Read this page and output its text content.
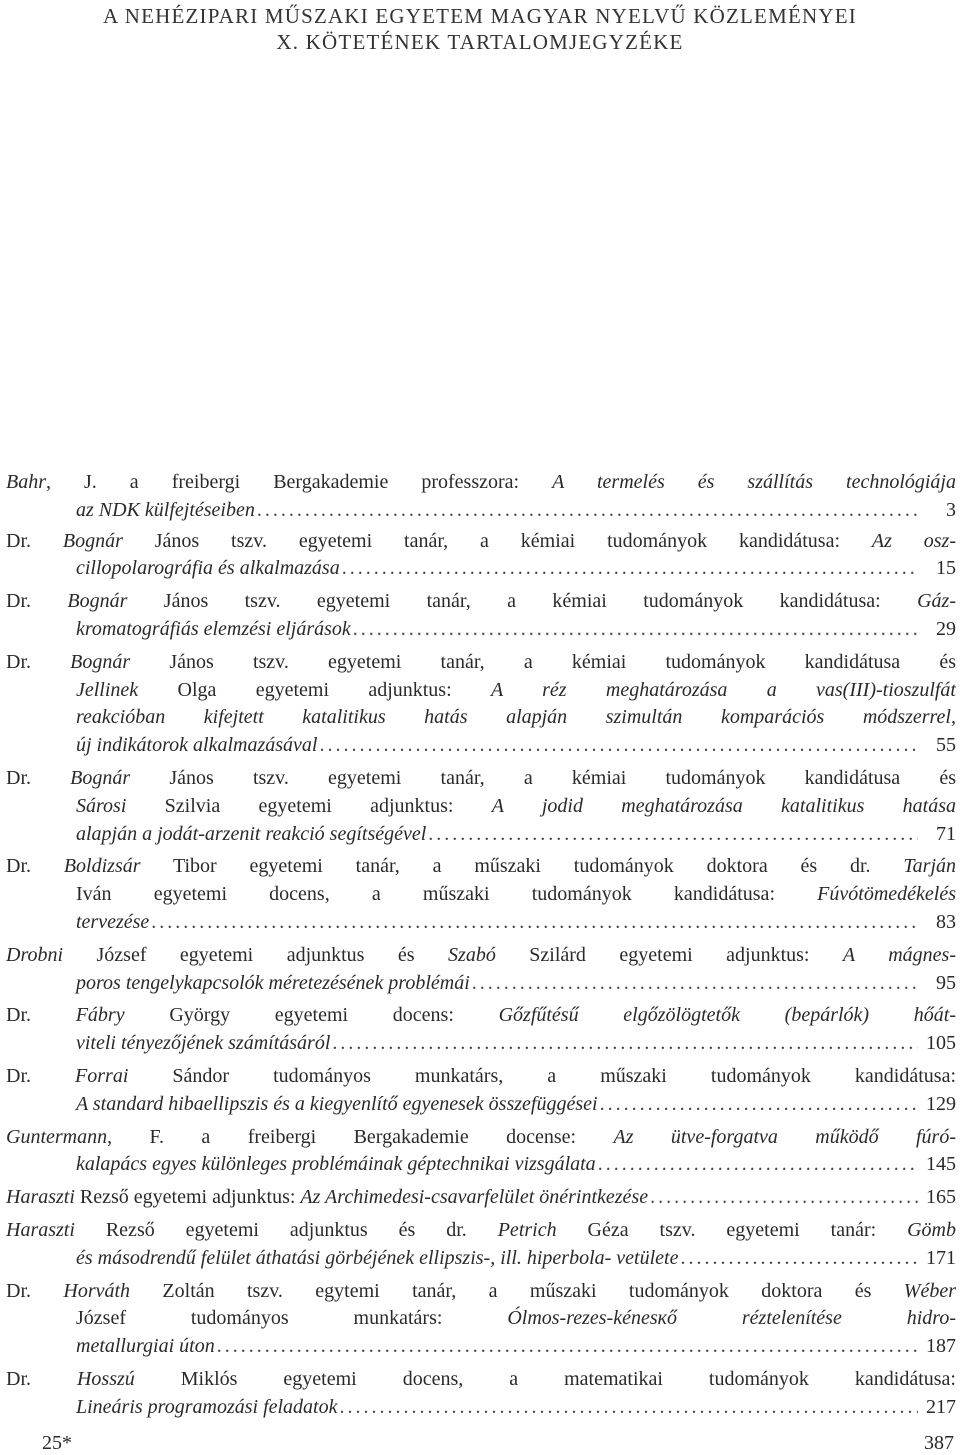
A NEHÉZIPARI MŰSZAKI EGYETEM MAGYAR NYELVŰ KÖZLEMÉNYEI
X. KÖTETÉNEK TARTALOMJEGYZÉKE
Bahr, J. a freibergi Bergakademie professzora: A termelés és szállítás technológiája
az NDK külfejtéseiben . . .	3
Dr. Bognár János tszv. egyetemi tanár, a kémiai tudományok kandidátusa: Az osz-
cillopolarográfia és alkalmazása . . .	15
Dr. Bognár János tszv. egyetemi tanár, a kémiai tudományok kandidátusa: Gáz-
kromatográfiás elemzési eljárások . . .	29
Dr. Bognár János tszv. egyetemi tanár, a kémiai tudományok kandidátusa és
Jellinek Olga egyetemi adjunktus: A réz meghatározása a vas(III)-tioszulfát
reakcióban kifejtett katalitikus hatás alapján szimultán komparációs módszerrel,
új indikátorok alkalmazásával . . .	55
Dr. Bognár János tszv. egyetemi tanár, a kémiai tudományok kandidátusa és
Sárosi Szilvia egyetemi adjunktus: A jodid meghatározása katalitikus hatása
alapján a jodát-arzenit reakció segítségével . . .	71
Dr. Boldizsár Tibor egyetemi tanár, a műszaki tudományok doktora és dr. Tarján
Iván egyetemi docens, a műszaki tudományok kandidátusa: Fúvótömedékelés
tervezése . . .	83
Drobni József egyetemi adjunktus és Szabó Szilárd egyetemi adjunktus: A mágnes-
poros tengelykapcsolók méretezésének problémái . . .	95
Dr. Fábry György egyetemi docens: Gőzfűtésű elgőzölögtetők (bepárlók) hőát-
viteli tényezőjének számításáról . . .	105
Dr. Forrai Sándor tudományos munkatárs, a műszaki tudományok kandidátusa:
A standard hibaellipszis és a kiegyenlítő egyenesek összefüggései . . .	129
Guntermann, F. a freibergi Bergakademie docense: Az ütve-forgatva működő fúró-
kalapács egyes különleges problémáinak géptechnikai vizsgálata . . .	145
Haraszti Rezső egyetemi adjunktus: Az Archimedesi-csavarfelület önérintkezése . . .	165
Haraszti Rezső egyetemi adjunktus és dr. Petrich Géza tszv. egyetemi tanár: Gömb
és másodrendű felület áthatási görbéjének ellipszis-, ill. hiperbola- vetülete . . .	171
Dr. Horváth Zoltán tszv. egytemi tanár, a műszaki tudományok doktora és Wéber
József tudományos munkatárs: Ólmos-rezes-kénesкő réztelenítése hidro-
metallurgiai úton . . .	187
Dr. Hosszú Miklós egyetemi docens, a matematikai tudományok kandidátusa:
Lineáris programozási feladatok . . .	217
25*	387
